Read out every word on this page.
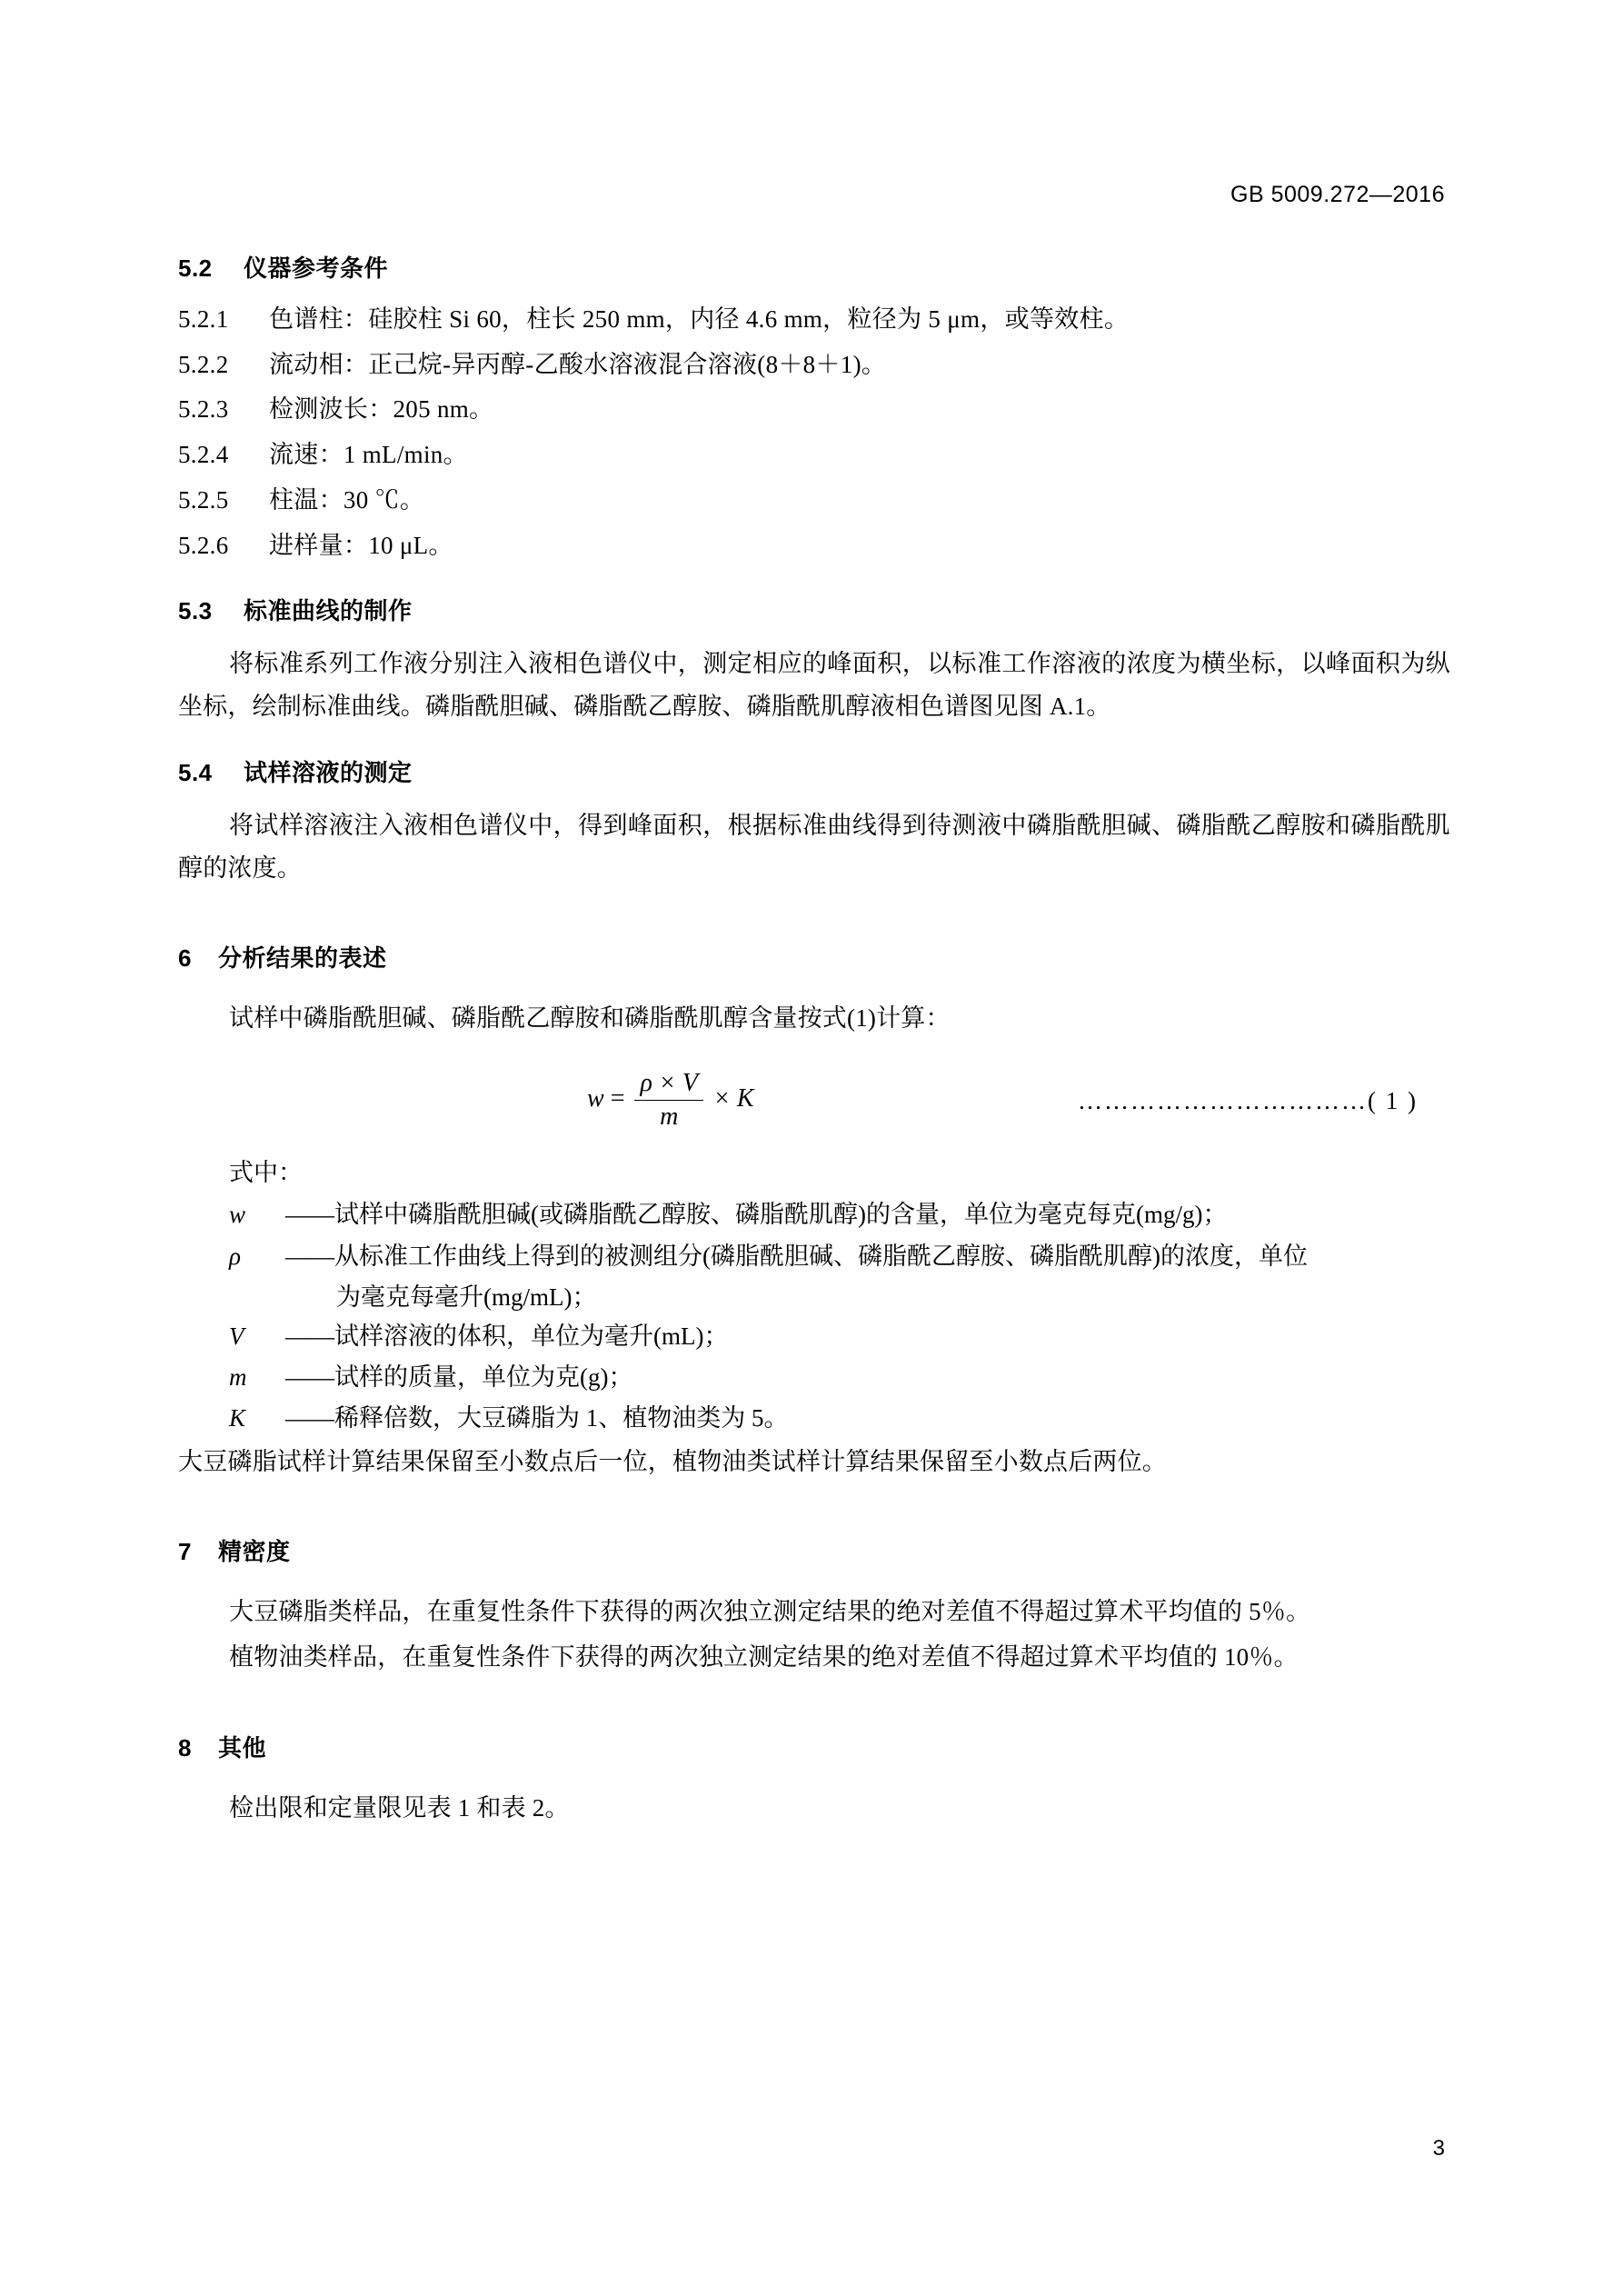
GB 5009.272—2016
5.2 仪器参考条件
5.2.1 色谱柱：硅胶柱 Si 60，柱长 250 mm，内径 4.6 mm，粒径为 5 μm，或等效柱。
5.2.2 流动相：正己烷-异丙醇-乙酸水溶液混合溶液(8＋8＋1)。
5.2.3 检测波长：205 nm。
5.2.4 流速：1 mL/min。
5.2.5 柱温：30 ℃。
5.2.6 进样量：10 μL。
5.3 标准曲线的制作
将标准系列工作液分别注入液相色谱仪中，测定相应的峰面积，以标准工作溶液的浓度为横坐标，以峰面积为纵坐标，绘制标准曲线。磷脂酰胆碱、磷脂酰乙醇胺、磷脂酰肌醇液相色谱图见图 A.1。
5.4 试样溶液的测定
将试样溶液注入液相色谱仪中，得到峰面积，根据标准曲线得到待测液中磷脂酰胆碱、磷脂酰乙醇胺和磷脂酰肌醇的浓度。
6 分析结果的表述
试样中磷脂酰胆碱、磷脂酰乙醇胺和磷脂酰肌醇含量按式(1)计算：
$w = \frac{\rho \times V}{m} \times K$	……………………………( 1 )
式中：
w	——试样中磷脂酰胆碱(或磷脂酰乙醇胺、磷脂酰肌醇)的含量，单位为毫克每克(mg/g)；
ρ	——从标准工作曲线上得到的被测组分(磷脂酰胆碱、磷脂酰乙醇胺、磷脂酰肌醇)的浓度，单位
为毫克每毫升(mg/mL)；
V	——试样溶液的体积，单位为毫升(mL)；
m	——试样的质量，单位为克(g)；
K	——稀释倍数，大豆磷脂为 1、植物油类为 5。
大豆磷脂试样计算结果保留至小数点后一位，植物油类试样计算结果保留至小数点后两位。
7 精密度
大豆磷脂类样品，在重复性条件下获得的两次独立测定结果的绝对差值不得超过算术平均值的 5％。
植物油类样品，在重复性条件下获得的两次独立测定结果的绝对差值不得超过算术平均值的 10％。
8 其他
检出限和定量限见表 1 和表 2。
3
